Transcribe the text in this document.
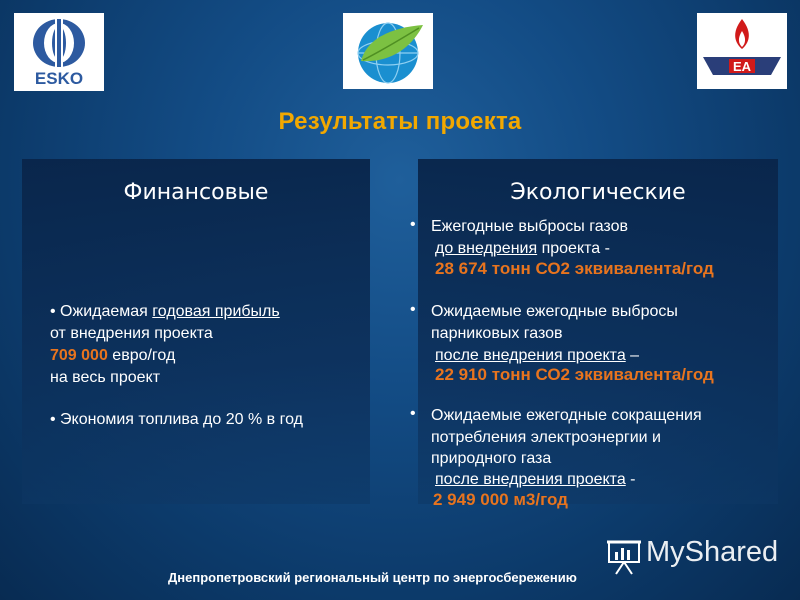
ESKO
EA
Результаты проекта
Финансовые
• Ожидаемая годовая прибыль
от внедрения проекта
709 000 евро/год
на весь проект
• Экономия топлива до 20 % в год
Экологические
• Ежегодные выбросы газов
до внедрения проекта -
28 674 тонн СО2 эквивалента/год
• Ожидаемые ежегодные выбросы
парниковых газов
после внедрения проекта –
22 910 тонн СО2 эквивалента/год
• Ожидаемые ежегодные сокращения
потребления электроэнергии и
природного газа
после внедрения проекта -
2 949 000 м3/год
Днепропетровский региональный центр по энергосбережению
MyShared
